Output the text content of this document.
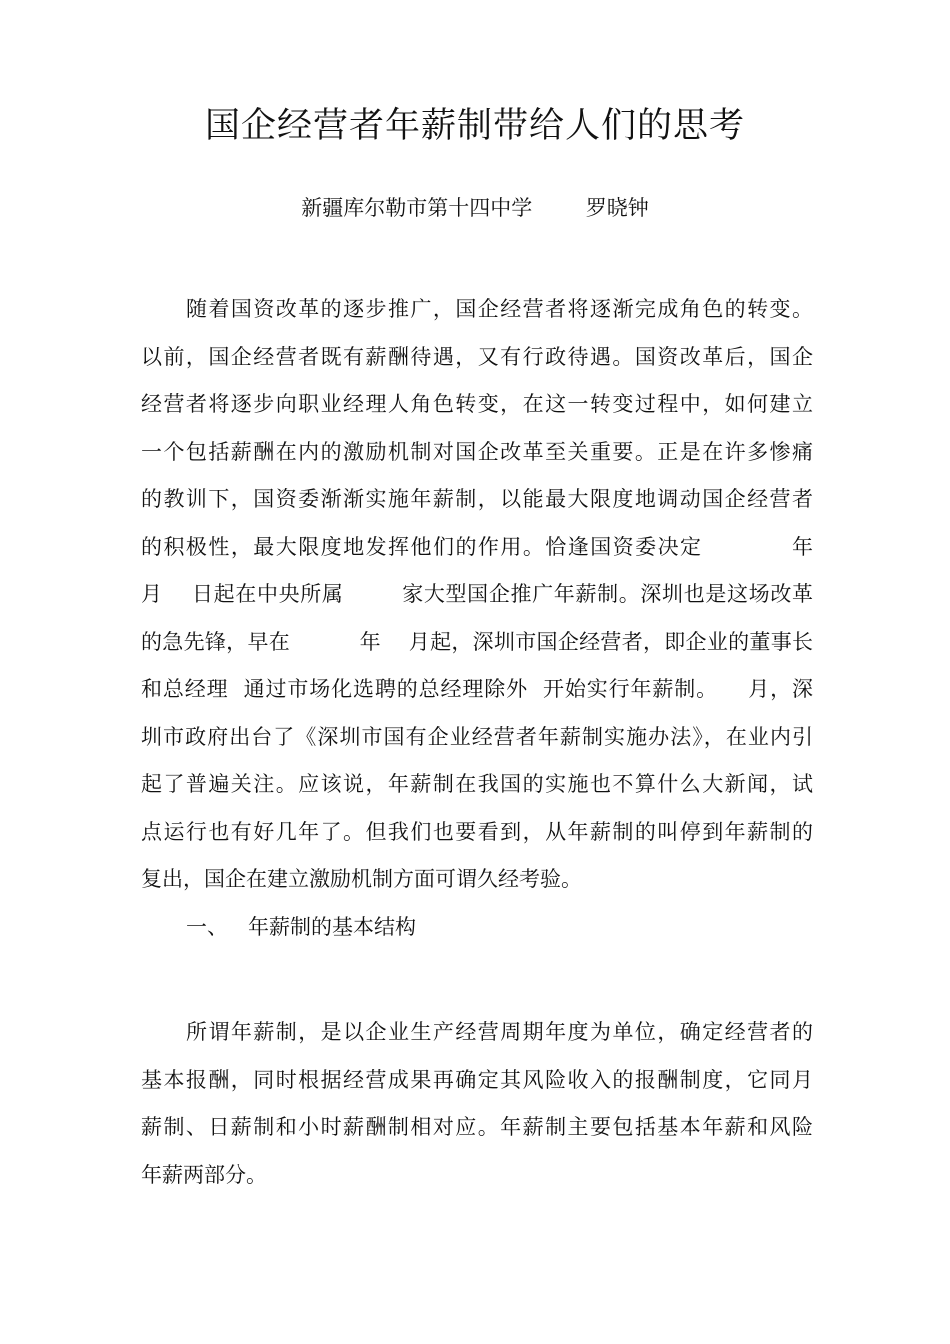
国企经营者年薪制带给人们的思考
新疆库尔勒市第十四中学        罗晓钟
随着国资改革的逐步推广，国企经营者将逐渐完成角色的转变。
以前，国企经营者既有薪酬待遇，又有行政待遇。国资改革后，国企
经营者将逐步向职业经理人角色转变，在这一转变过程中，如何建立
一个包括薪酬在内的激励机制对国企改革至关重要。正是在许多惨痛
的教训下，国资委渐渐实施年薪制，以能最大限度地调动国企经营者
的积极性，最大限度地发挥他们的作用。恰逢国资委决定           年
月    日起在中央所属        家大型国企推广年薪制。深圳也是这场改革
的急先锋，早在          年    月起，深圳市国企经营者，即企业的董事长
和总经理  通过市场化选聘的总经理除外  开始实行年薪制。    月，深
圳市政府出台了《深圳市国有企业经营者年薪制实施办法》，在业内引
起了普遍关注。应该说，年薪制在我国的实施也不算什么大新闻，试
点运行也有好几年了。但我们也要看到，从年薪制的叫停到年薪制的
复出，国企在建立激励机制方面可谓久经考验。
一、   年薪制的基本结构
所谓年薪制，是以企业生产经营周期年度为单位，确定经营者的
基本报酬，同时根据经营成果再确定其风险收入的报酬制度，它同月
薪制、日薪制和小时薪酬制相对应。年薪制主要包括基本年薪和风险
年薪两部分。
